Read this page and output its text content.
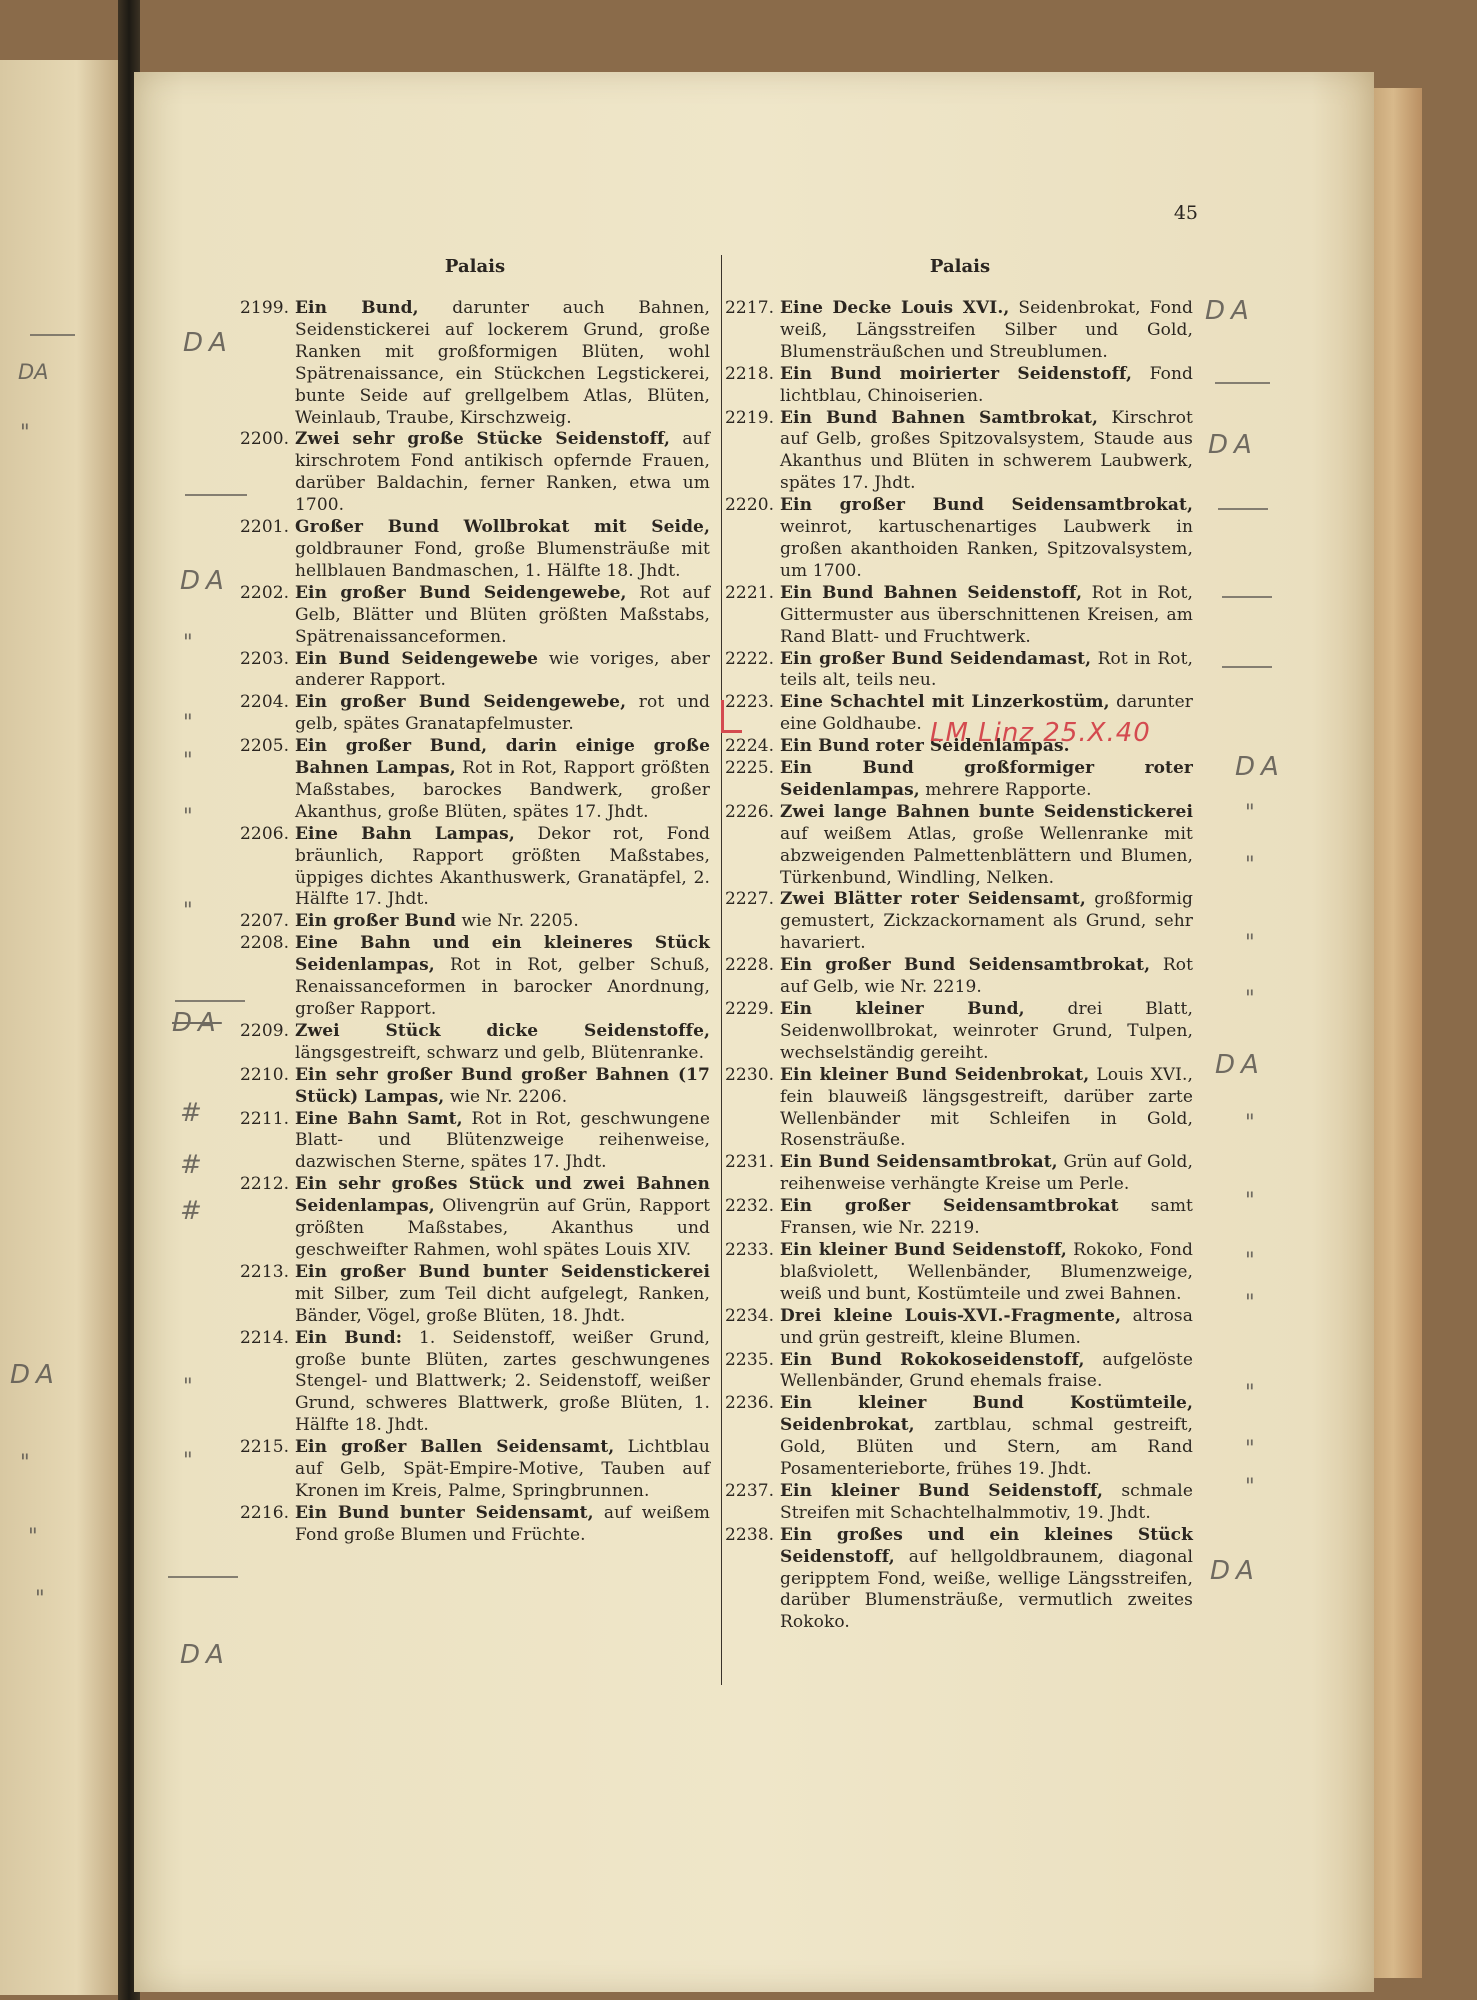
45
Palais	Palais
2199. Ein Bund, darunter auch Bahnen, Seidenstickerei auf lockerem Grund, große Ranken mit großformigen Blüten, wohl Spätrenaissance, ein Stückchen Legstickerei, bunte Seide auf grellgelbem Atlas, Blüten, Weinlaub, Traube, Kirschzweig.
2200. Zwei sehr große Stücke Seidenstoff, auf kirschrotem Fond antikisch opfernde Frauen, darüber Baldachin, ferner Ranken, etwa um 1700.
2201. Großer Bund Wollbrokat mit Seide, goldbrauner Fond, große Blumensträuße mit hellblauen Bandmaschen, 1. Hälfte 18. Jhdt.
2202. Ein großer Bund Seidengewebe, Rot auf Gelb, Blätter und Blüten größten Maßstabs, Spätrenaissanceformen.
2203. Ein Bund Seidengewebe wie voriges, aber anderer Rapport.
2204. Ein großer Bund Seidengewebe, rot und gelb, spätes Granatapfelmuster.
2205. Ein großer Bund, darin einige große Bahnen Lampas, Rot in Rot, Rapport größten Maßstabes, barockes Bandwerk, großer Akanthus, große Blüten, spätes 17. Jhdt.
2206. Eine Bahn Lampas, Dekor rot, Fond bräunlich, Rapport größten Maßstabes, üppiges dichtes Akanthuswerk, Granatäpfel, 2. Hälfte 17. Jhdt.
2207. Ein großer Bund wie Nr. 2205.
2208. Eine Bahn und ein kleineres Stück Seidenlampas, Rot in Rot, gelber Schuß, Renaissanceformen in barocker Anordnung, großer Rapport.
2209. Zwei Stück dicke Seidenstoffe, längsgestreift, schwarz und gelb, Blütenranke.
2210. Ein sehr großer Bund großer Bahnen (17 Stück) Lampas, wie Nr. 2206.
2211. Eine Bahn Samt, Rot in Rot, geschwungene Blatt- und Blütenzweige reihenweise, dazwischen Sterne, spätes 17. Jhdt.
2212. Ein sehr großes Stück und zwei Bahnen Seidenlampas, Olivengrün auf Grün, Rapport größten Maßstabes, Akanthus und geschweifter Rahmen, wohl spätes Louis XIV.
2213. Ein großer Bund bunter Seidenstickerei mit Silber, zum Teil dicht aufgelegt, Ranken, Bänder, Vögel, große Blüten, 18. Jhdt.
2214. Ein Bund: 1. Seidenstoff, weißer Grund, große bunte Blüten, zartes geschwungenes Stengel- und Blattwerk; 2. Seidenstoff, weißer Grund, schweres Blattwerk, große Blüten, 1. Hälfte 18. Jhdt.
2215. Ein großer Ballen Seidensamt, Lichtblau auf Gelb, Spät-Empire-Motive, Tauben auf Kronen im Kreis, Palme, Springbrunnen.
2216. Ein Bund bunter Seidensamt, auf weißem Fond große Blumen und Früchte.
2217. Eine Decke Louis XVI., Seidenbrokat, Fond weiß, Längsstreifen Silber und Gold, Blumensträußchen und Streublumen.
2218. Ein Bund moirierter Seidenstoff, Fond lichtblau, Chinoiserien.
2219. Ein Bund Bahnen Samtbrokat, Kirschrot auf Gelb, großes Spitzovalsystem, Staude aus Akanthus und Blüten in schwerem Laubwerk, spätes 17. Jhdt.
2220. Ein großer Bund Seidensamtbrokat, weinrot, kartuschenartiges Laubwerk in großen akanthoiden Ranken, Spitzovalsystem, um 1700.
2221. Ein Bund Bahnen Seidenstoff, Rot in Rot, Gittermuster aus überschnittenen Kreisen, am Rand Blatt- und Fruchtwerk.
2222. Ein großer Bund Seidendamast, Rot in Rot, teils alt, teils neu.
2223. Eine Schachtel mit Linzerkostüm, darunter eine Goldhaube.
2224. Ein Bund roter Seidenlampas.
2225. Ein Bund großformiger roter Seidenlampas, mehrere Rapporte.
2226. Zwei lange Bahnen bunte Seidenstickerei auf weißem Atlas, große Wellenranke mit abzweigenden Palmettenblättern und Blumen, Türkenbund, Windling, Nelken.
2227. Zwei Blätter roter Seidensamt, großformig gemustert, Zickzackornament als Grund, sehr havariert.
2228. Ein großer Bund Seidensamtbrokat, Rot auf Gelb, wie Nr. 2219.
2229. Ein kleiner Bund, drei Blatt, Seidenwollbrokat, weinroter Grund, Tulpen, wechselständig gereiht.
2230. Ein kleiner Bund Seidenbrokat, Louis XVI., fein blauweiß längsgestreift, darüber zarte Wellenbänder mit Schleifen in Gold, Rosensträuße.
2231. Ein Bund Seidensamtbrokat, Grün auf Gold, reihenweise verhängte Kreise um Perle.
2232. Ein großer Seidensamtbrokat samt Fransen, wie Nr. 2219.
2233. Ein kleiner Bund Seidenstoff, Rokoko, Fond blaßviolett, Wellenbänder, Blumenzweige, weiß und bunt, Kostümteile und zwei Bahnen.
2234. Drei kleine Louis-XVI.-Fragmente, altrosa und grün gestreift, kleine Blumen.
2235. Ein Bund Rokokoseidenstoff, aufgelöste Wellenbänder, Grund ehemals fraise.
2236. Ein kleiner Bund Kostümteile, Seidenbrokat, zartblau, schmal gestreift, Gold, Blüten und Stern, am Rand Posamenterieborte, frühes 19. Jhdt.
2237. Ein kleiner Bund Seidenstoff, schmale Streifen mit Schachtelhalmmotiv, 19. Jhdt.
2238. Ein großes und ein kleines Stück Seidenstoff, auf hellgoldbraunem, diagonal geripptem Fond, weiße, wellige Längsstreifen, darüber Blumensträuße, vermutlich zweites Rokoko.
DA
DA
"
DA
"
"
"
"
"
DA
#
#
#
DA	"
"	"
"
"
DA
DA
DA
DA
"
"
"
"
DA
"
"
"
"
"
"
"
DA
LM Linz 25.X.40
